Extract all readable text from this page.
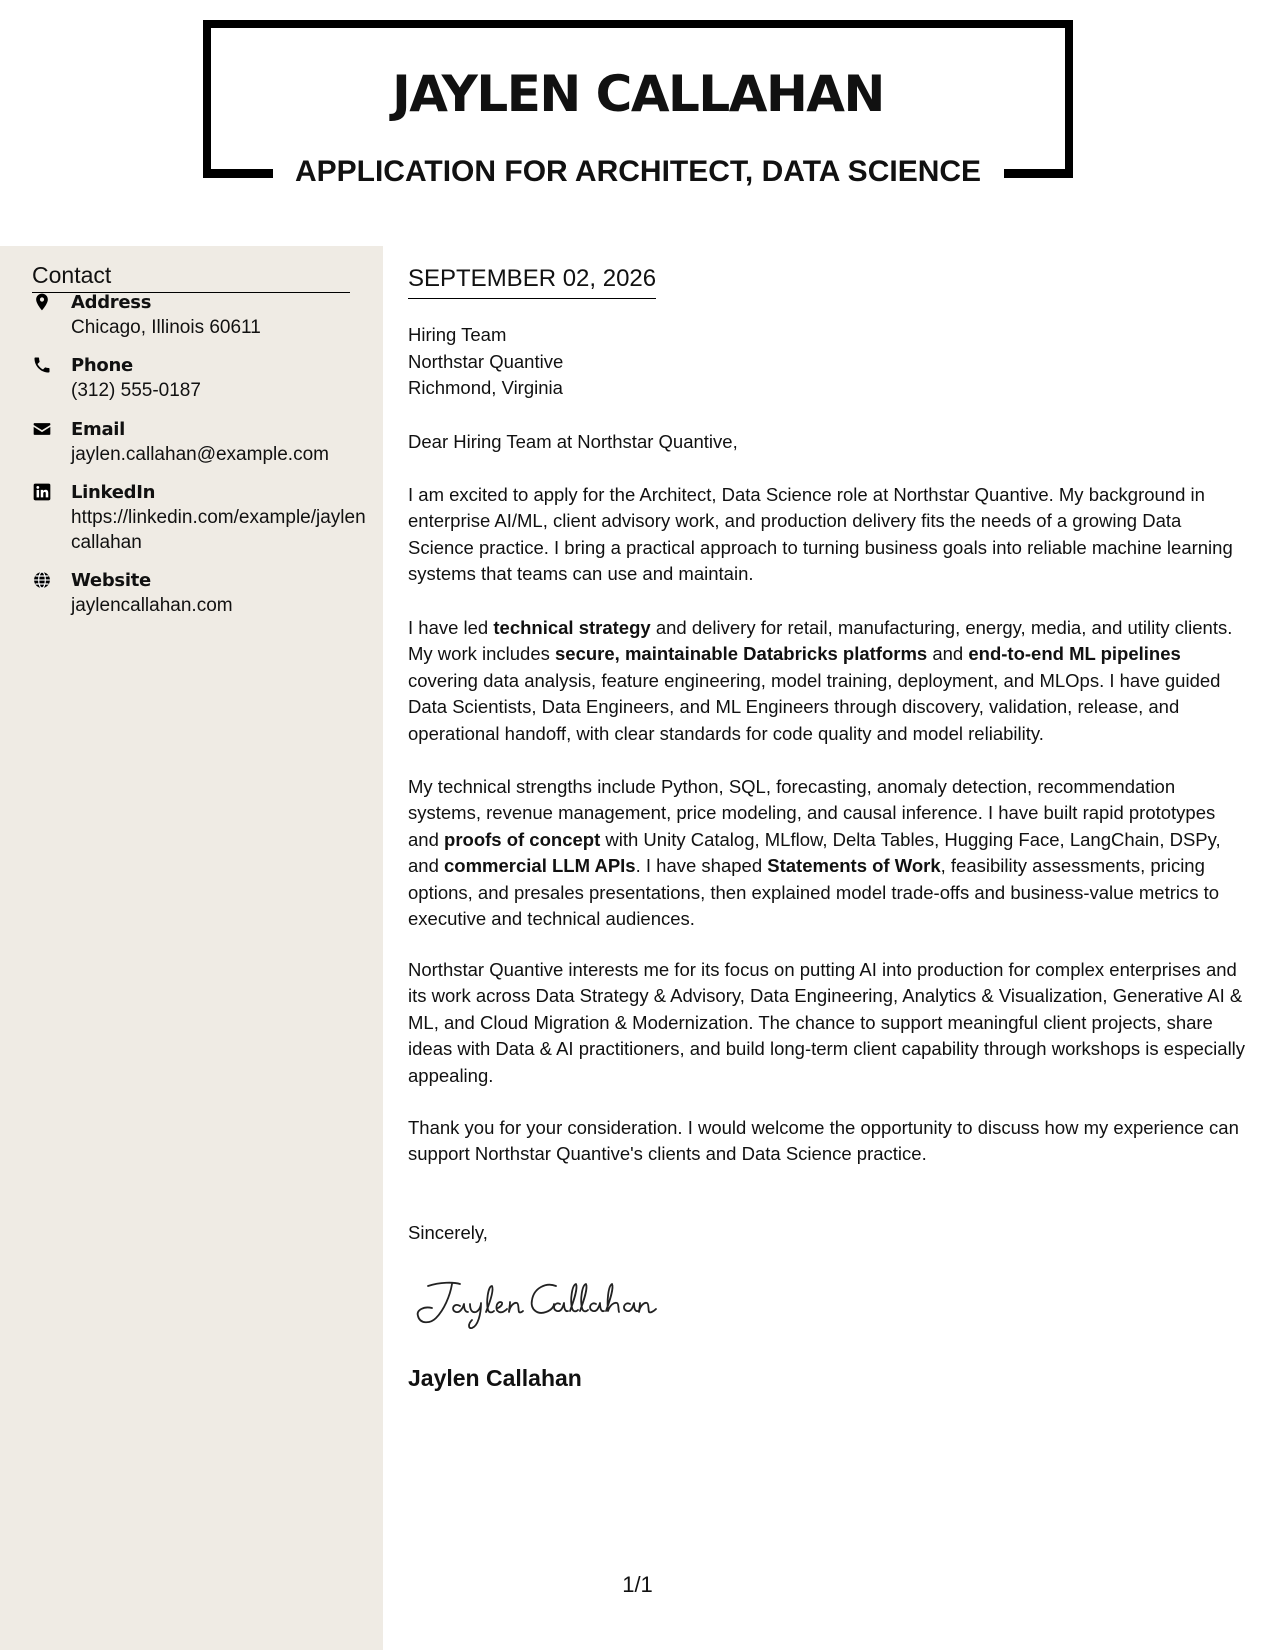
JAYLEN CALLAHAN
APPLICATION FOR ARCHITECT, DATA SCIENCE
Contact
Address
Chicago, Illinois 60611
Phone
(312) 555-0187
Email
jaylen.callahan@example.com
LinkedIn
https://linkedin.com/example/jaylencallahan
Website
jaylencallahan.com
SEPTEMBER 02, 2026
Hiring Team
Northstar Quantive
Richmond, Virginia
Dear Hiring Team at Northstar Quantive,

I am excited to apply for the Architect, Data Science role at Northstar Quantive. My background in enterprise AI/ML, client advisory work, and production delivery fits the needs of a growing Data Science practice. I bring a practical approach to turning business goals into reliable machine learning systems that teams can use and maintain.

I have led technical strategy and delivery for retail, manufacturing, energy, media, and utility clients. My work includes secure, maintainable Databricks platforms and end-to-end ML pipelines covering data analysis, feature engineering, model training, deployment, and MLOps. I have guided Data Scientists, Data Engineers, and ML Engineers through discovery, validation, release, and operational handoff, with clear standards for code quality and model reliability.

My technical strengths include Python, SQL, forecasting, anomaly detection, recommendation systems, revenue management, price modeling, and causal inference. I have built rapid prototypes and proofs of concept with Unity Catalog, MLflow, Delta Tables, Hugging Face, LangChain, DSPy, and commercial LLM APIs. I have shaped Statements of Work, feasibility assessments, pricing options, and presales presentations, then explained model trade-offs and business-value metrics to executive and technical audiences.

Northstar Quantive interests me for its focus on putting AI into production for complex enterprises and its work across Data Strategy & Advisory, Data Engineering, Analytics & Visualization, Generative AI & ML, and Cloud Migration & Modernization. The chance to support meaningful client projects, share ideas with Data & AI practitioners, and build long-term client capability through workshops is especially appealing.

Thank you for your consideration. I would welcome the opportunity to discuss how my experience can support Northstar Quantive's clients and Data Science practice.

Sincerely,
Jaylen Callahan
1/1
